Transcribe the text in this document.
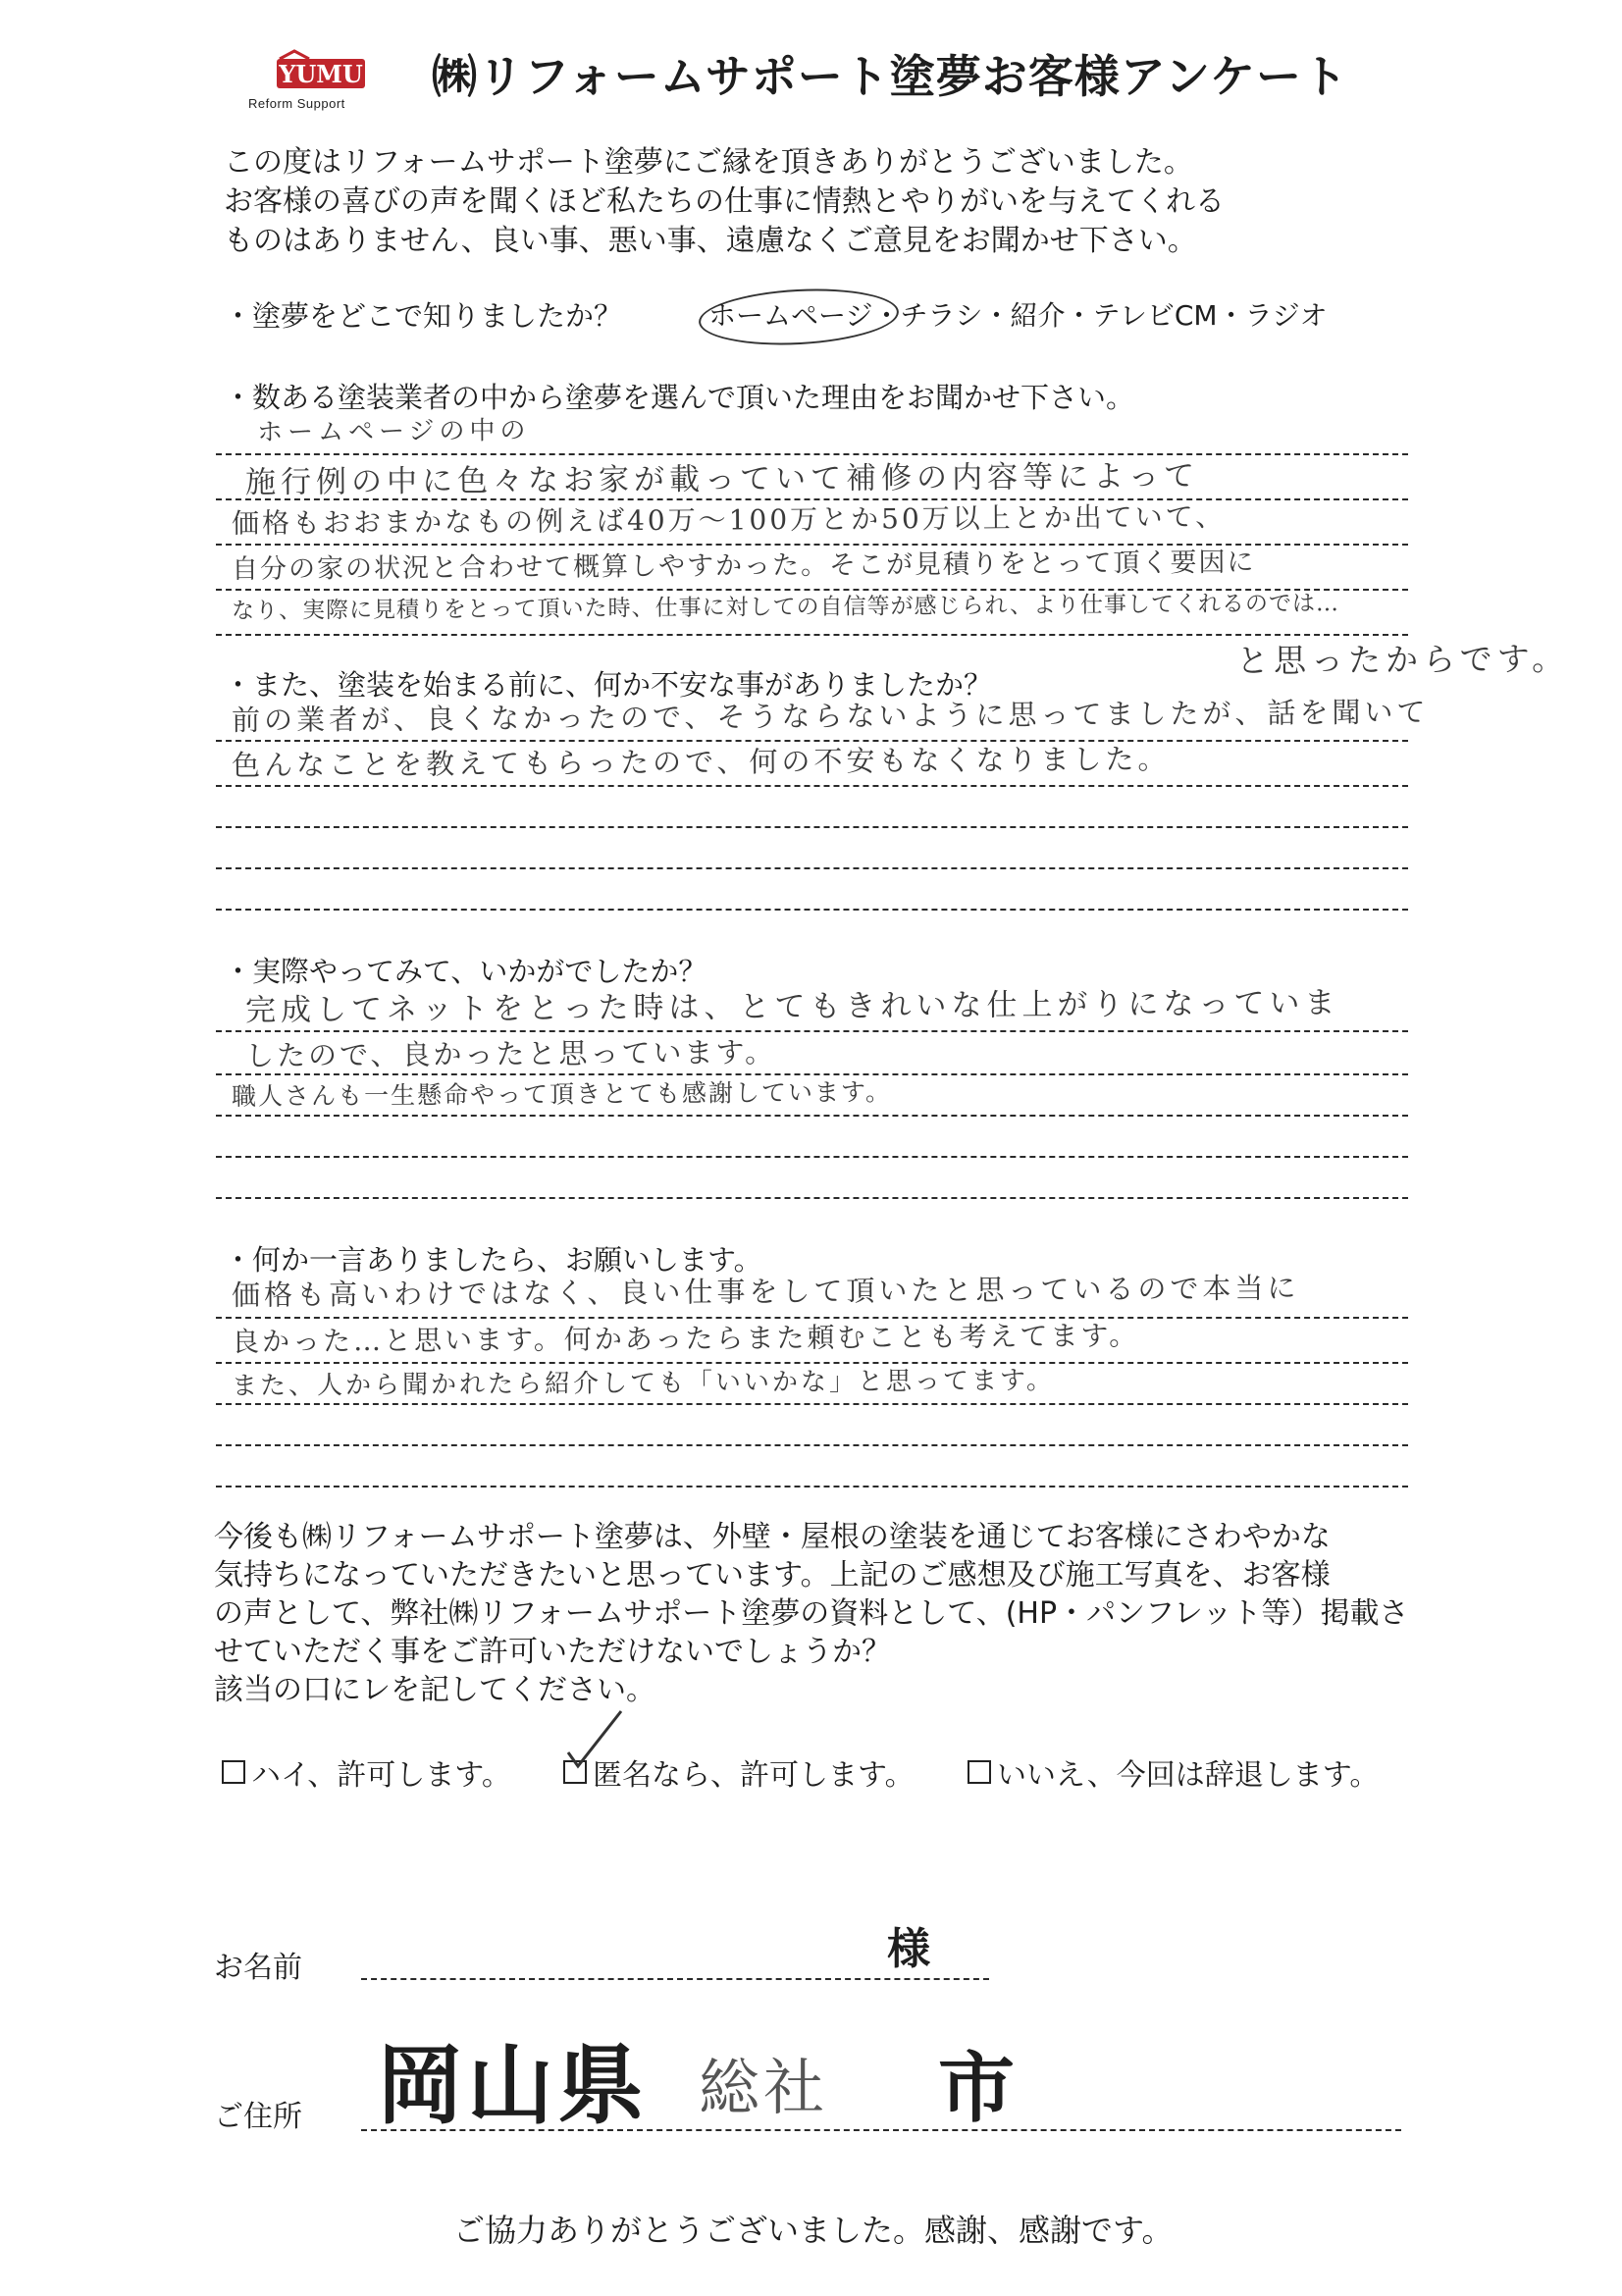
YUMU
Reform Support
㈱リフォームサポート塗夢お客様アンケート
この度はリフォームサポート塗夢にご縁を頂きありがとうございました。
お客様の喜びの声を聞くほど私たちの仕事に情熱とやりがいを与えてくれる
ものはありません、良い事、悪い事、遠慮なくご意見をお聞かせ下さい。
・塗夢をどこで知りましたか？	ホームページ・チラシ・紹介・テレビCM・ラジオ
・数ある塗装業者の中から塗夢を選んで頂いた理由をお聞かせ下さい。
ホームページの中の
施行例の中に色々なお家が載っていて補修の内容等によって
価格もおおまかなもの例えば40万～100万とか50万以上とか出ていて、
自分の家の状況と合わせて概算しやすかった。そこが見積りをとって頂く要因に
なり、実際に見積りをとって頂いた時、仕事に対しての自信等が感じられ、より仕事してくれるのでは…
と思ったからです。
・また、塗装を始まる前に、何か不安な事がありましたか？
前の業者が、良くなかったので、そうならないように思ってましたが、話を聞いて
色んなことを教えてもらったので、何の不安もなくなりました。
・実際やってみて、いかがでしたか？
完成してネットをとった時は、とてもきれいな仕上がりになっていま
したので、良かったと思っています。
職人さんも一生懸命やって頂きとても感謝しています。
・何か一言ありましたら、お願いします。
価格も高いわけではなく、良い仕事をして頂いたと思っているので本当に
良かった…と思います。何かあったらまた頼むことも考えてます。
また、人から聞かれたら紹介しても「いいかな」と思ってます。
今後も㈱リフォームサポート塗夢は、外壁・屋根の塗装を通じてお客様にさわやかな
気持ちになっていただきたいと思っています。上記のご感想及び施工写真を、お客様
の声として、弊社㈱リフォームサポート塗夢の資料として、(HP・パンフレット等）掲載さ
せていただく事をご許可いただけないでしょうか？
該当の口にレを記してください。
ハイ、許可します。	匿名なら、許可します。	いいえ、今回は辞退します。
お名前	様
ご住所 岡山県 総社 市
ご協力ありがとうございました。感謝、感謝です。
